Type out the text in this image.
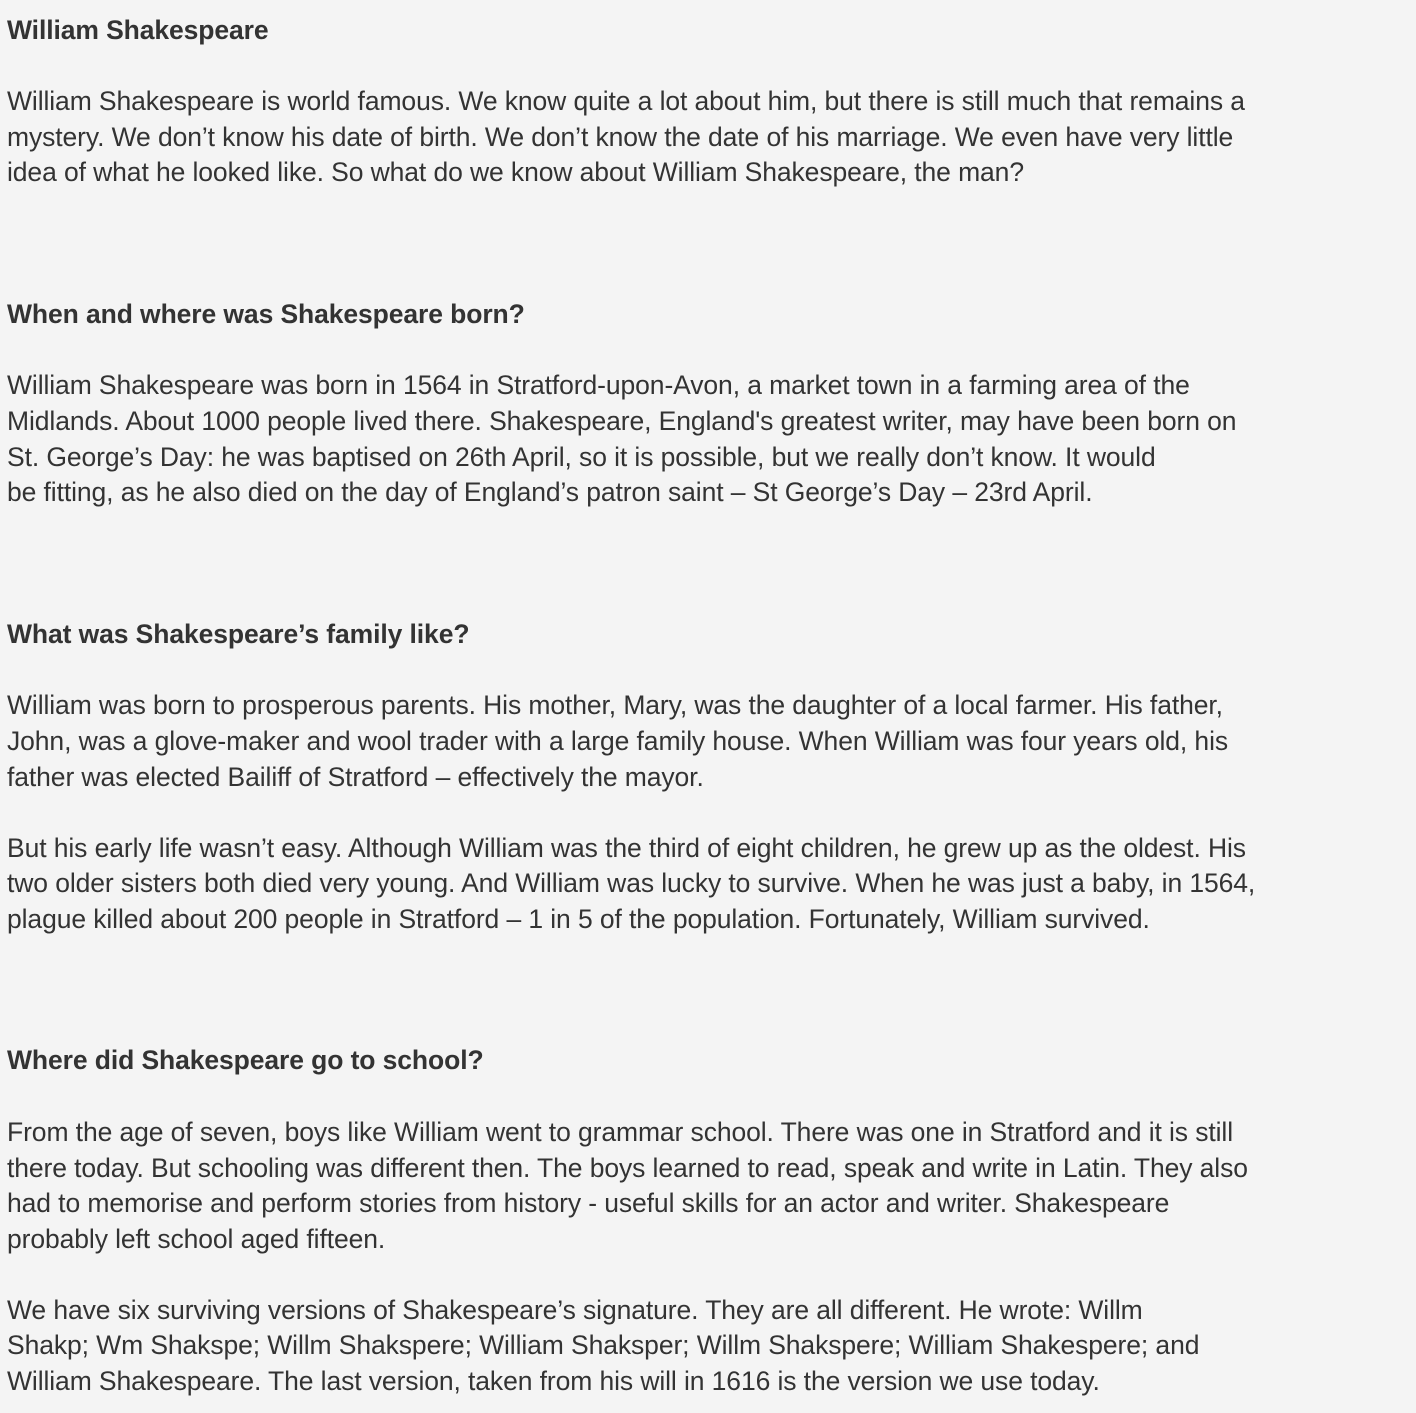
William Shakespeare
William Shakespeare is world famous. We know quite a lot about him, but there is still much that remains a
mystery. We don’t know his date of birth. We don’t know the date of his marriage. We even have very little
idea of what he looked like. So what do we know about William Shakespeare, the man?
When and where was Shakespeare born?
William Shakespeare was born in 1564 in Stratford-upon-Avon, a market town in a farming area of the
Midlands. About 1000 people lived there. Shakespeare, England's greatest writer, may have been born on
St. George’s Day: he was baptised on 26th April, so it is possible, but we really don’t know. It would
be fitting, as he also died on the day of England’s patron saint – St George’s Day – 23rd April.
What was Shakespeare’s family like?
William was born to prosperous parents. His mother, Mary, was the daughter of a local farmer. His father,
John, was a glove-maker and wool trader with a large family house. When William was four years old, his
father was elected Bailiff of Stratford – effectively the mayor.
But his early life wasn’t easy. Although William was the third of eight children, he grew up as the oldest. His
two older sisters both died very young. And William was lucky to survive. When he was just a baby, in 1564,
plague killed about 200 people in Stratford – 1 in 5 of the population. Fortunately, William survived.
Where did Shakespeare go to school?
From the age of seven, boys like William went to grammar school. There was one in Stratford and it is still
there today. But schooling was different then. The boys learned to read, speak and write in Latin. They also
had to memorise and perform stories from history - useful skills for an actor and writer. Shakespeare
probably left school aged fifteen.
We have six surviving versions of Shakespeare’s signature. They are all different. He wrote: Willm
Shakp; Wm Shakspe; Willm Shakspere; William Shaksper; Willm Shakspere; William Shakespere; and
William Shakespeare. The last version, taken from his will in 1616 is the version we use today.
